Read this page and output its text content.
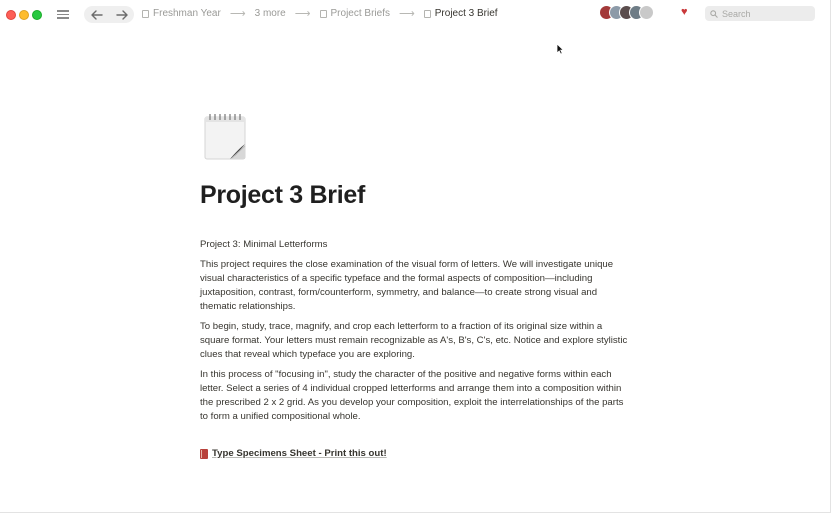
Freshman Year ⟶ 3 more ⟶ Project Briefs ⟶ Project 3 Brief	♥
Search
Project 3 Brief

Project 3: Minimal Letterforms

This project requires the close examination of the visual form of letters. We will investigate unique visual characteristics of a specific typeface and the formal aspects of composition—including juxtaposition, contrast, form/counterform, symmetry, and balance—to create strong visual and thematic relationships.

To begin, study, trace, magnify, and crop each letterform to a fraction of its original size within a square format. Your letters must remain recognizable as A's, B's, C's, etc. Notice and explore stylistic clues that reveal which typeface you are exploring.

In this process of "focusing in", study the character of the positive and negative forms within each letter. Select a series of 4 individual cropped letterforms and arrange them into a composition within the prescribed 2 x 2 grid. As you develop your composition, exploit the interrelationships of the parts to form a unified compositional whole.

Type Specimens Sheet - Print this out!
